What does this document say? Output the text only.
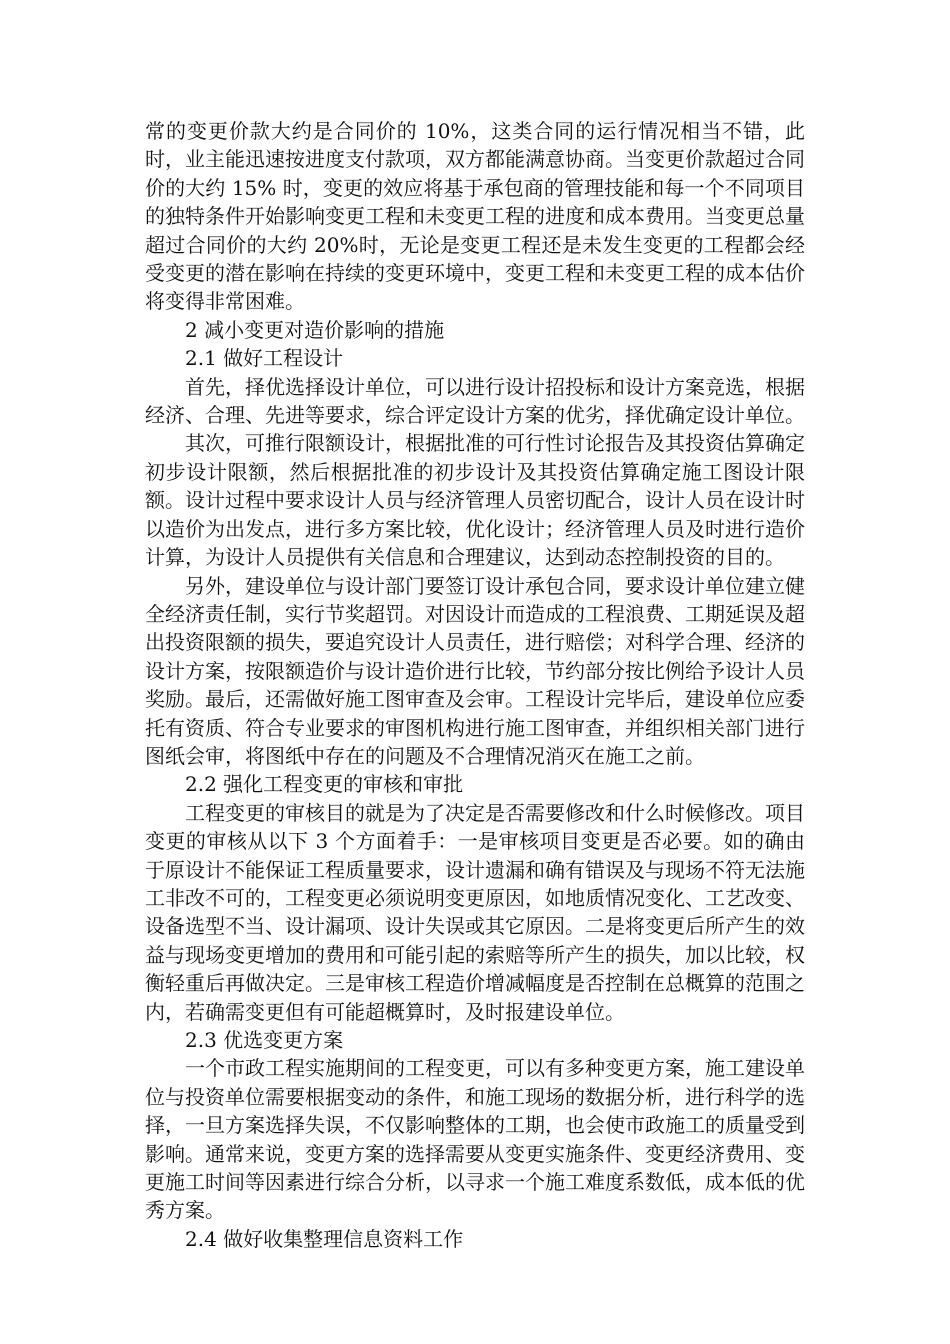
常的变更价款大约是合同价的 10%，这类合同的运行情况相当不错，此时，业主能迅速按进度支付款项，双方都能满意协商。当变更价款超过合同价的大约 15% 时，变更的效应将基于承包商的管理技能和每一个不同项目的独特条件开始影响变更工程和未变更工程的进度和成本费用。当变更总量超过合同价的大约 20%时，无论是变更工程还是未发生变更的工程都会经受变更的潜在影响在持续的变更环境中，变更工程和未变更工程的成本估价将变得非常困难。

2 减小变更对造价影响的措施

2.1 做好工程设计

首先，择优选择设计单位，可以进行设计招投标和设计方案竞选，根据经济、合理、先进等要求，综合评定设计方案的优劣，择优确定设计单位。

其次，可推行限额设计，根据批准的可行性讨论报告及其投资估算确定初步设计限额，然后根据批准的初步设计及其投资估算确定施工图设计限额。设计过程中要求设计人员与经济管理人员密切配合，设计人员在设计时以造价为出发点，进行多方案比较，优化设计；经济管理人员及时进行造价计算，为设计人员提供有关信息和合理建议，达到动态控制投资的目的。

另外，建设单位与设计部门要签订设计承包合同，要求设计单位建立健全经济责任制，实行节奖超罚。对因设计而造成的工程浪费、工期延误及超出投资限额的损失，要追究设计人员责任，进行赔偿；对科学合理、经济的设计方案，按限额造价与设计造价进行比较，节约部分按比例给予设计人员奖励。最后，还需做好施工图审查及会审。工程设计完毕后，建设单位应委托有资质、符合专业要求的审图机构进行施工图审查，并组织相关部门进行图纸会审，将图纸中存在的问题及不合理情况消灭在施工之前。

2.2 强化工程变更的审核和审批

工程变更的审核目的就是为了决定是否需要修改和什么时候修改。项目变更的审核从以下 3 个方面着手：一是审核项目变更是否必要。如的确由于原设计不能保证工程质量要求，设计遗漏和确有错误及与现场不符无法施工非改不可的，工程变更必须说明变更原因，如地质情况变化、工艺改变、设备选型不当、设计漏项、设计失误或其它原因。二是将变更后所产生的效益与现场变更增加的费用和可能引起的索赔等所产生的损失，加以比较，权衡轻重后再做决定。三是审核工程造价增减幅度是否控制在总概算的范围之内，若确需变更但有可能超概算时，及时报建设单位。

2.3 优选变更方案

一个市政工程实施期间的工程变更，可以有多种变更方案，施工建设单位与投资单位需要根据变动的条件，和施工现场的数据分析，进行科学的选择，一旦方案选择失误，不仅影响整体的工期，也会使市政施工的质量受到影响。通常来说，变更方案的选择需要从变更实施条件、变更经济费用、变更施工时间等因素进行综合分析，以寻求一个施工难度系数低，成本低的优秀方案。

2.4 做好收集整理信息资料工作
